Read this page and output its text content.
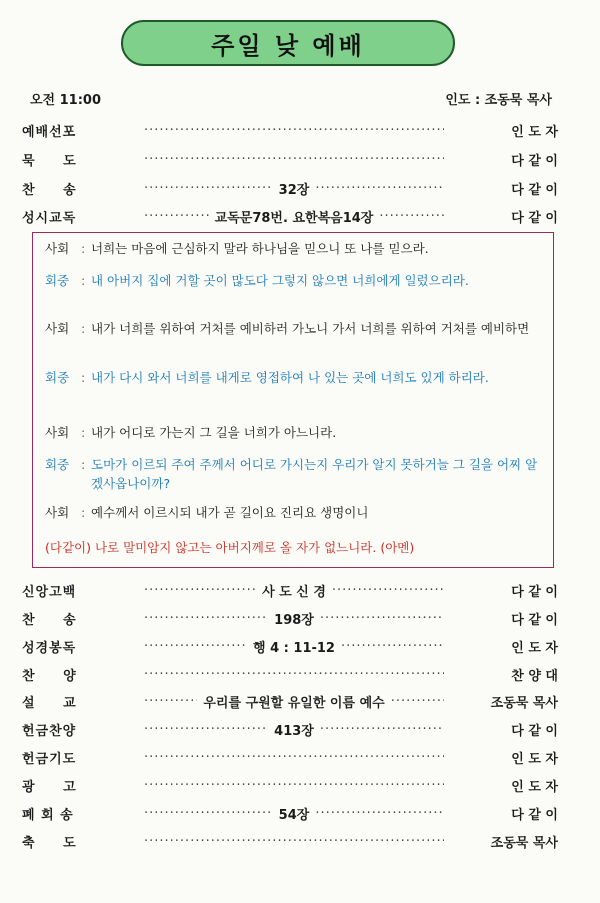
주일 낮 예배
오전 11:00	인도 : 조동묵 목사
예배선포 ·····	인 도 자
묵     도 ·····	다 같 이
찬     송 ·····	32장 ·····	다 같 이
성시교독 ·····	교독문78번. 요한복음14장 ·····	다 같 이
사회 : 너희는 마음에 근심하지 말라 하나님을 믿으니 또 나를 믿으라.
회중 : 내 아버지 집에 거할 곳이 많도다 그렇지 않으면 너희에게 일렀으리라.
사회 : 내가 너희를 위하여 거처를 예비하러 가노니 가서 너희를 위하여 거처를 예비하면
회중 : 내가 다시 와서 너희를 내게로 영접하여 나 있는 곳에 너희도 있게 하리라.
사회 : 내가 어디로 가는지 그 길을 너희가 아느니라.
회중 : 도마가 이르되 주여 주께서 어디로 가시는지 우리가 알지 못하거늘 그 길을 어찌 알겠사옵나이까?
사회 : 예수께서 이르시되 내가 곧 길이요 진리요 생명이니
(다같이) 나로 말미암지 않고는 아버지께로 올 자가 없느니라. (아멘)
신앙고백 ·····	사 도 신 경 ·····	다 같 이
찬     송 ·····	198장 ·····	다 같 이
성경봉독 ·····	행 4 : 11-12 ·····	인 도 자
찬     양 ·····	찬 양 대
설     교 ·····	우리를 구원할 유일한 이름 예수 ·····	조동묵 목사
헌금찬양 ·····	413장 ·····	다 같 이
헌금기도 ·····	인 도 자
광     고 ·····	인 도 자
폐 회 송 ·····	54장 ·····	다 같 이
축     도 ·····	조동묵 목사
